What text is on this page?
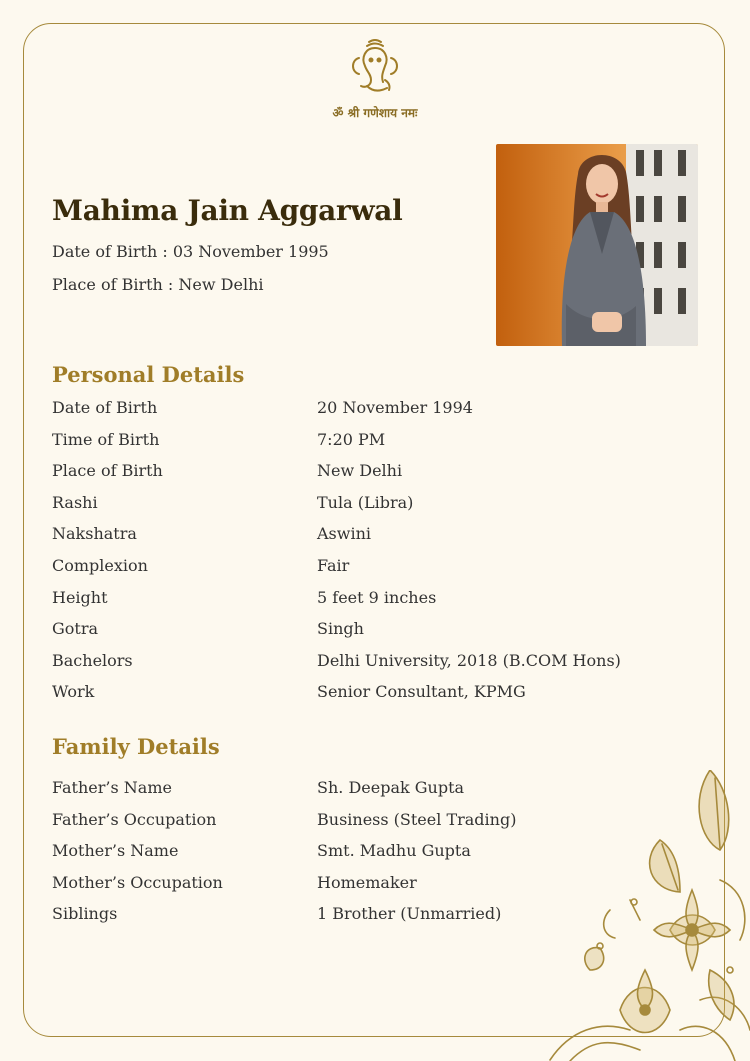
ॐ श्री गणेशाय नमः
Mahima Jain Aggarwal
Date of Birth : 03 November 1995
Place of Birth : New Delhi
Personal Details
Date of Birth	20 November 1994
Time of Birth	7:20 PM
Place of Birth	New Delhi
Rashi	Tula (Libra)
Nakshatra	Aswini
Complexion	Fair
Height	5 feet 9 inches
Gotra	Singh
Bachelors	Delhi University, 2018 (B.COM Hons)
Work	Senior Consultant, KPMG
Family Details
Father’s Name	Sh. Deepak Gupta
Father’s Occupation	Business (Steel Trading)
Mother’s Name	Smt. Madhu Gupta
Mother’s Occupation	Homemaker
Siblings	1 Brother (Unmarried)
